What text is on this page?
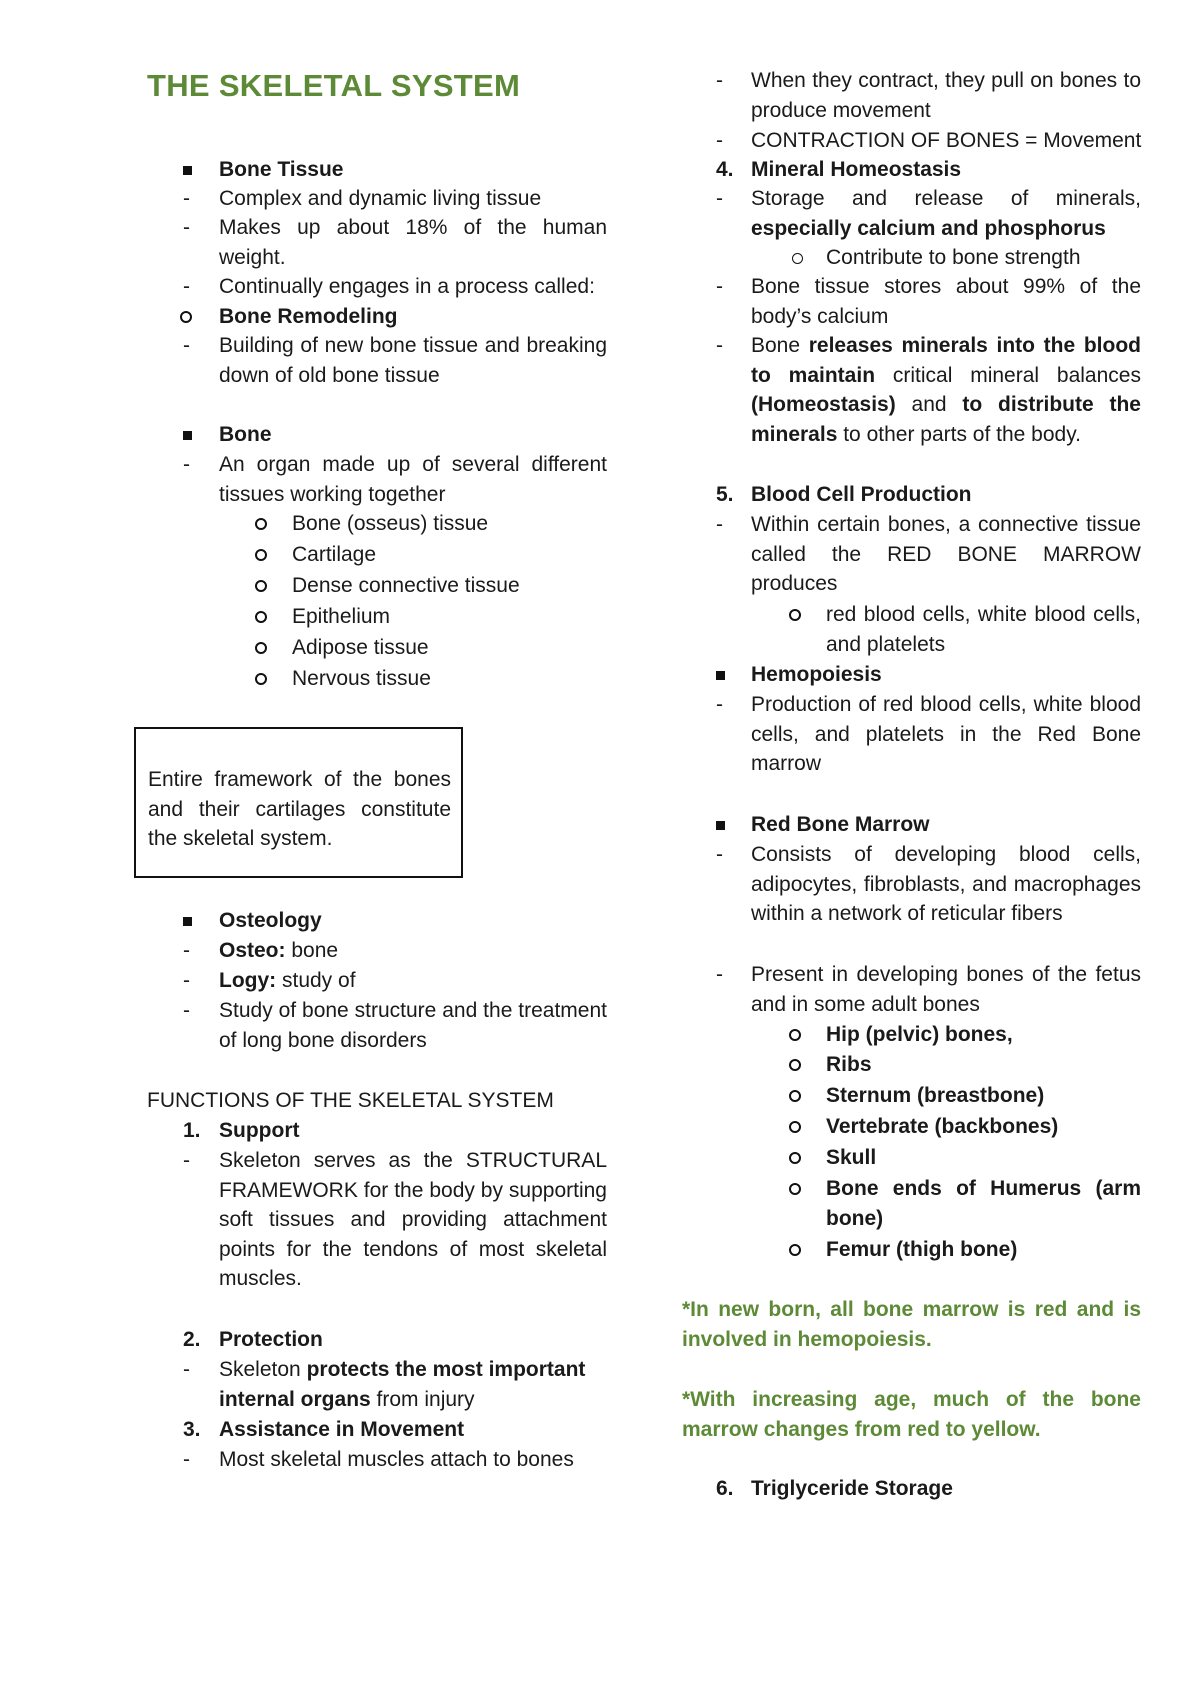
THE SKELETAL SYSTEM
Bone Tissue
- Complex and dynamic living tissue
- Makes up about 18% of the human weight.
- Continually engages in a process called:
Bone Remodeling
- Building of new bone tissue and breaking down of old bone tissue
Bone
- An organ made up of several different tissues working together
Bone (osseus) tissue
Cartilage
Dense connective tissue
Epithelium
Adipose tissue
Nervous tissue
Entire framework of the bones and their cartilages constitute the skeletal system.
Osteology
- Osteo: bone
- Logy: study of
- Study of bone structure and the treatment of long bone disorders
FUNCTIONS OF THE SKELETAL SYSTEM
1. Support
- Skeleton serves as the STRUCTURAL FRAMEWORK for the body by supporting soft tissues and providing attachment points for the tendons of most skeletal muscles.
2. Protection
- Skeleton protects the most important internal organs from injury
3. Assistance in Movement
- Most skeletal muscles attach to bones
- When they contract, they pull on bones to produce movement
- CONTRACTION OF BONES = Movement
4. Mineral Homeostasis
- Storage and release of minerals, especially calcium and phosphorus
Contribute to bone strength
- Bone tissue stores about 99% of the body’s calcium
- Bone releases minerals into the blood to maintain critical mineral balances (Homeostasis) and to distribute the minerals to other parts of the body.
5. Blood Cell Production
- Within certain bones, a connective tissue called the RED BONE MARROW produces
red blood cells, white blood cells, and platelets
Hemopoiesis
- Production of red blood cells, white blood cells, and platelets in the Red Bone marrow
Red Bone Marrow
- Consists of developing blood cells, adipocytes, fibroblasts, and macrophages within a network of reticular fibers
- Present in developing bones of the fetus and in some adult bones
Hip (pelvic) bones,
Ribs
Sternum (breastbone)
Vertebrate (backbones)
Skull
Bone ends of Humerus (arm bone)
Femur (thigh bone)
*In new born, all bone marrow is red and is involved in hemopoiesis.
*With increasing age, much of the bone marrow changes from red to yellow.
6. Triglyceride Storage
